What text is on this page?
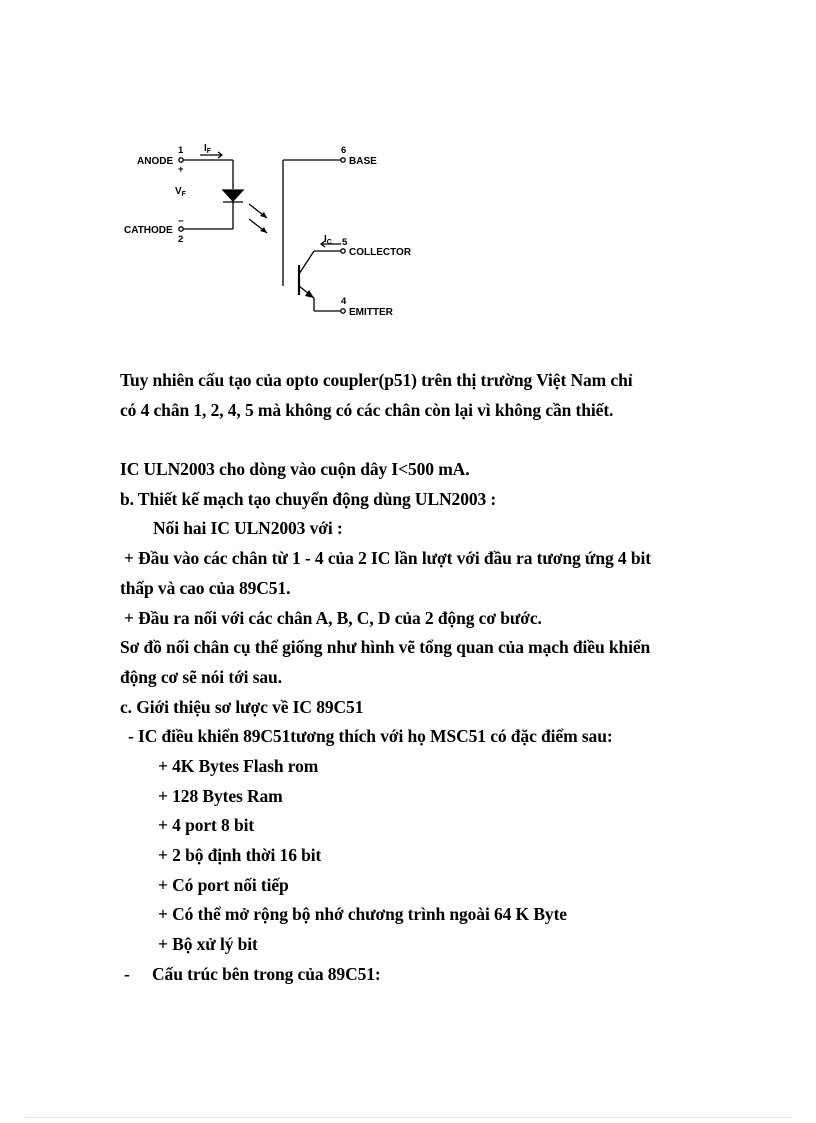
ANODE
1
+
$I_F$
$V_F$
CATHODE
−
2
6
BASE
$I_C$ 5
COLLECTOR
4
EMITTER
Tuy nhiên cấu tạo của opto coupler(p51) trên thị trường Việt Nam chỉ
có 4 chân 1, 2, 4, 5 mà không có các chân còn lại vì không cần thiết.
IC ULN2003 cho dòng vào cuộn dây I<500 mA.
b. Thiết kế mạch tạo chuyển động dùng ULN2003 :
Nối hai IC ULN2003 với :
+ Đầu vào các chân từ 1 - 4 của 2 IC lần lượt với đầu ra tương ứng 4 bit
thấp và cao của 89C51.
+ Đầu ra nối với các chân A, B, C, D của 2 động cơ bước.
Sơ đồ nối chân cụ thể giống như hình vẽ tổng quan của mạch điều khiển
động cơ sẽ nói tới sau.
c. Giới thiệu sơ lược về IC 89C51
- IC điều khiển 89C51tương thích với họ MSC51 có đặc điểm sau:
+ 4K Bytes Flash rom
+ 128 Bytes Ram
+ 4 port 8 bit
+ 2 bộ định thời 16 bit
+ Có port nối tiếp
+ Có thể mở rộng bộ nhớ chương trình ngoài 64 K Byte
+ Bộ xử lý bit
- Cấu trúc bên trong của 89C51:
